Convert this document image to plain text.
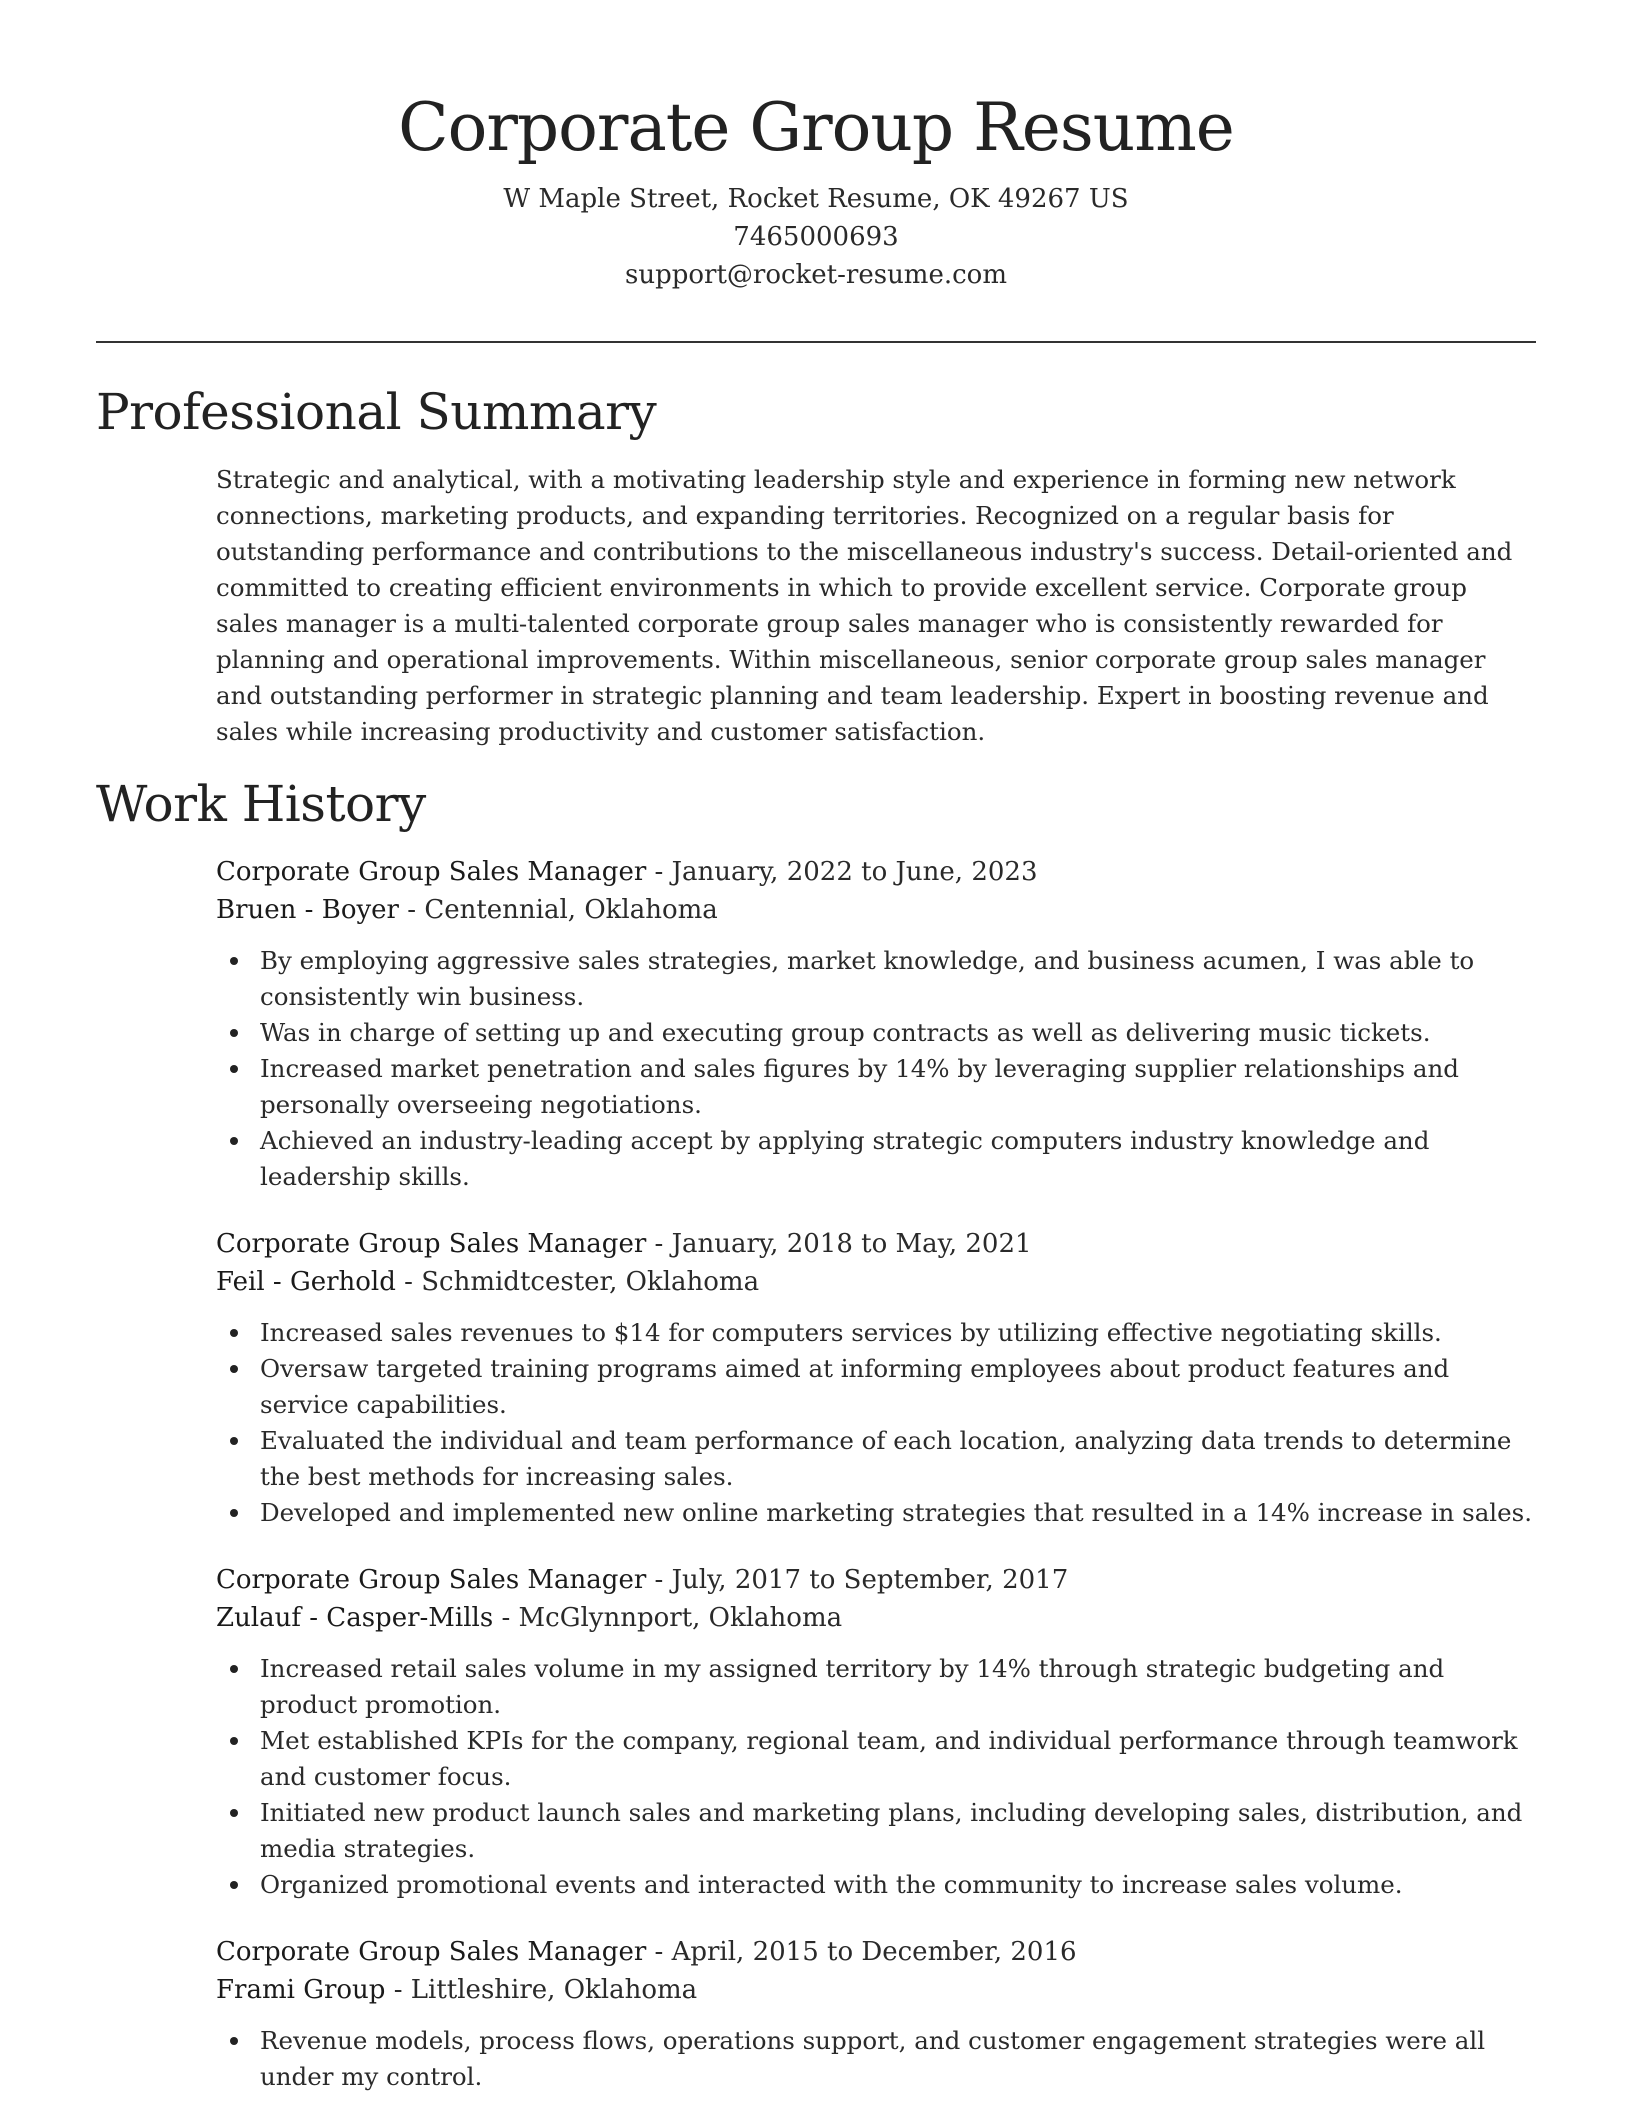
Corporate Group Resume

W Maple Street, Rocket Resume, OK 49267 US

7465000693

support@rocket-resume.com

Professional Summary

Strategic and analytical, with a motivating leadership style and experience in forming new network connections, marketing products, and expanding territories. Recognized on a regular basis for outstanding performance and contributions to the miscellaneous industry's success. Detail-oriented and committed to creating efficient environments in which to provide excellent service. Corporate group sales manager is a multi-talented corporate group sales manager who is consistently rewarded for planning and operational improvements. Within miscellaneous, senior corporate group sales manager and outstanding performer in strategic planning and team leadership. Expert in boosting revenue and sales while increasing productivity and customer satisfaction.

Work History

Corporate Group Sales Manager - January, 2022 to June, 2023

Bruen - Boyer - Centennial, Oklahoma

By employing aggressive sales strategies, market knowledge, and business acumen, I was able to consistently win business.
Was in charge of setting up and executing group contracts as well as delivering music tickets.
Increased market penetration and sales figures by 14% by leveraging supplier relationships and personally overseeing negotiations.
Achieved an industry-leading accept by applying strategic computers industry knowledge and leadership skills.

Corporate Group Sales Manager - January, 2018 to May, 2021

Feil - Gerhold - Schmidtcester, Oklahoma

Increased sales revenues to $14 for computers services by utilizing effective negotiating skills.
Oversaw targeted training programs aimed at informing employees about product features and service capabilities.
Evaluated the individual and team performance of each location, analyzing data trends to determine the best methods for increasing sales.
Developed and implemented new online marketing strategies that resulted in a 14% increase in sales.

Corporate Group Sales Manager - July, 2017 to September, 2017

Zulauf - Casper-Mills - McGlynnport, Oklahoma

Increased retail sales volume in my assigned territory by 14% through strategic budgeting and product promotion.
Met established KPIs for the company, regional team, and individual performance through teamwork and customer focus.
Initiated new product launch sales and marketing plans, including developing sales, distribution, and media strategies.
Organized promotional events and interacted with the community to increase sales volume.

Corporate Group Sales Manager - April, 2015 to December, 2016

Frami Group - Littleshire, Oklahoma

Revenue models, process flows, operations support, and customer engagement strategies were all under my control.
